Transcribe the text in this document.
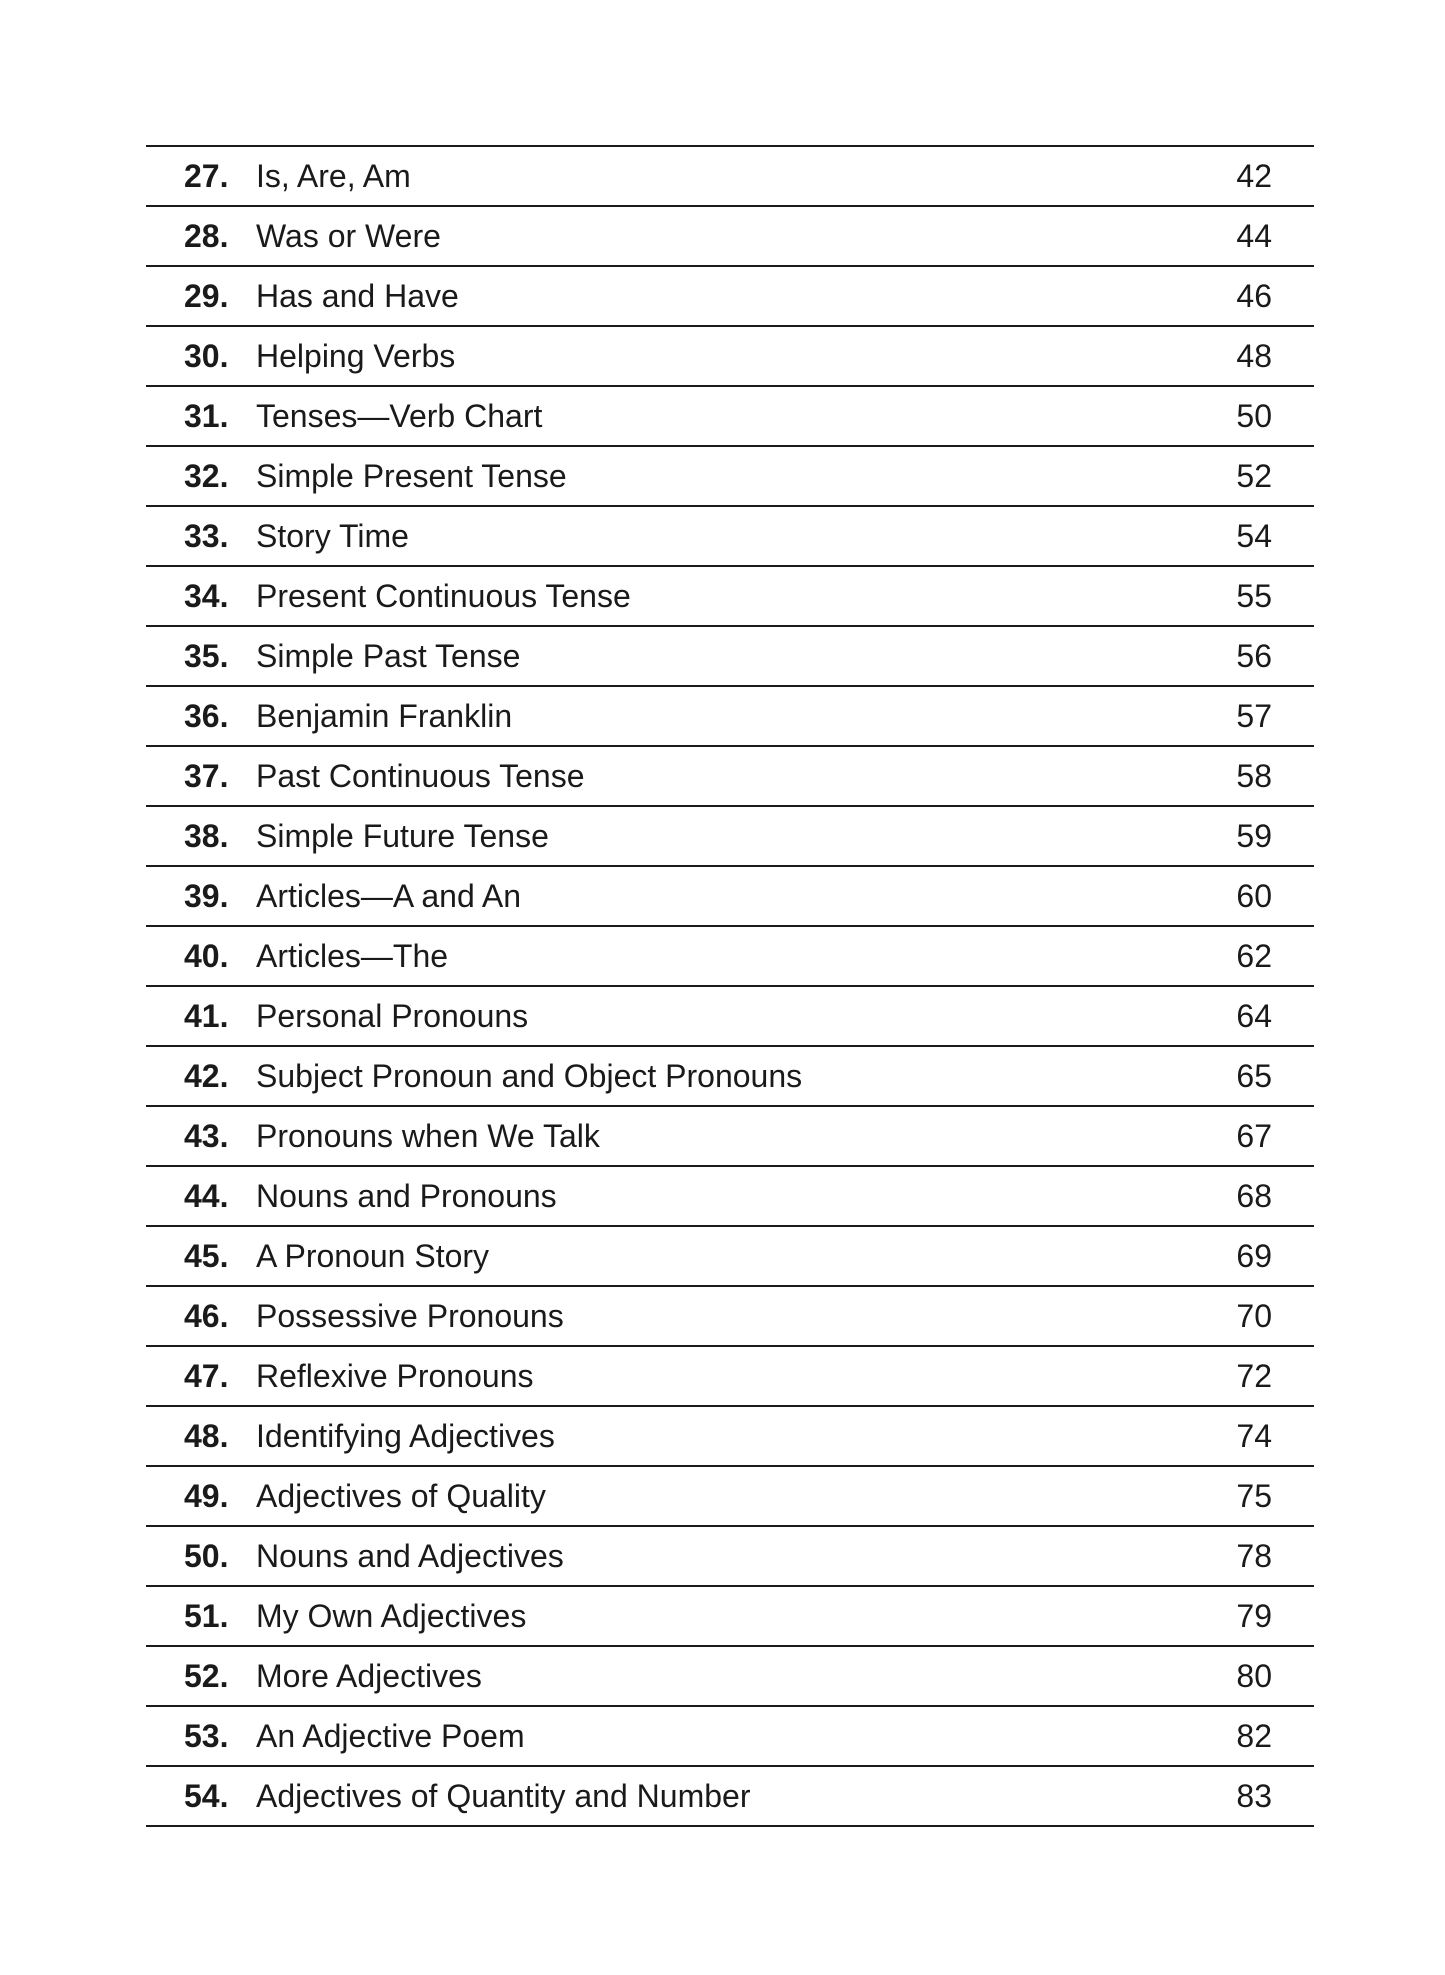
27. Is, Are, Am	42
28. Was or Were	44
29. Has and Have	46
30. Helping Verbs	48
31. Tenses—Verb Chart	50
32. Simple Present Tense	52
33. Story Time	54
34. Present Continuous Tense	55
35. Simple Past Tense	56
36. Benjamin Franklin	57
37. Past Continuous Tense	58
38. Simple Future Tense	59
39. Articles—A and An	60
40. Articles—The	62
41. Personal Pronouns	64
42. Subject Pronoun and Object Pronouns	65
43. Pronouns when We Talk	67
44. Nouns and Pronouns	68
45. A Pronoun Story	69
46. Possessive Pronouns	70
47. Reflexive Pronouns	72
48. Identifying Adjectives	74
49. Adjectives of Quality	75
50. Nouns and Adjectives	78
51. My Own Adjectives	79
52. More Adjectives	80
53. An Adjective Poem	82
54. Adjectives of Quantity and Number	83
